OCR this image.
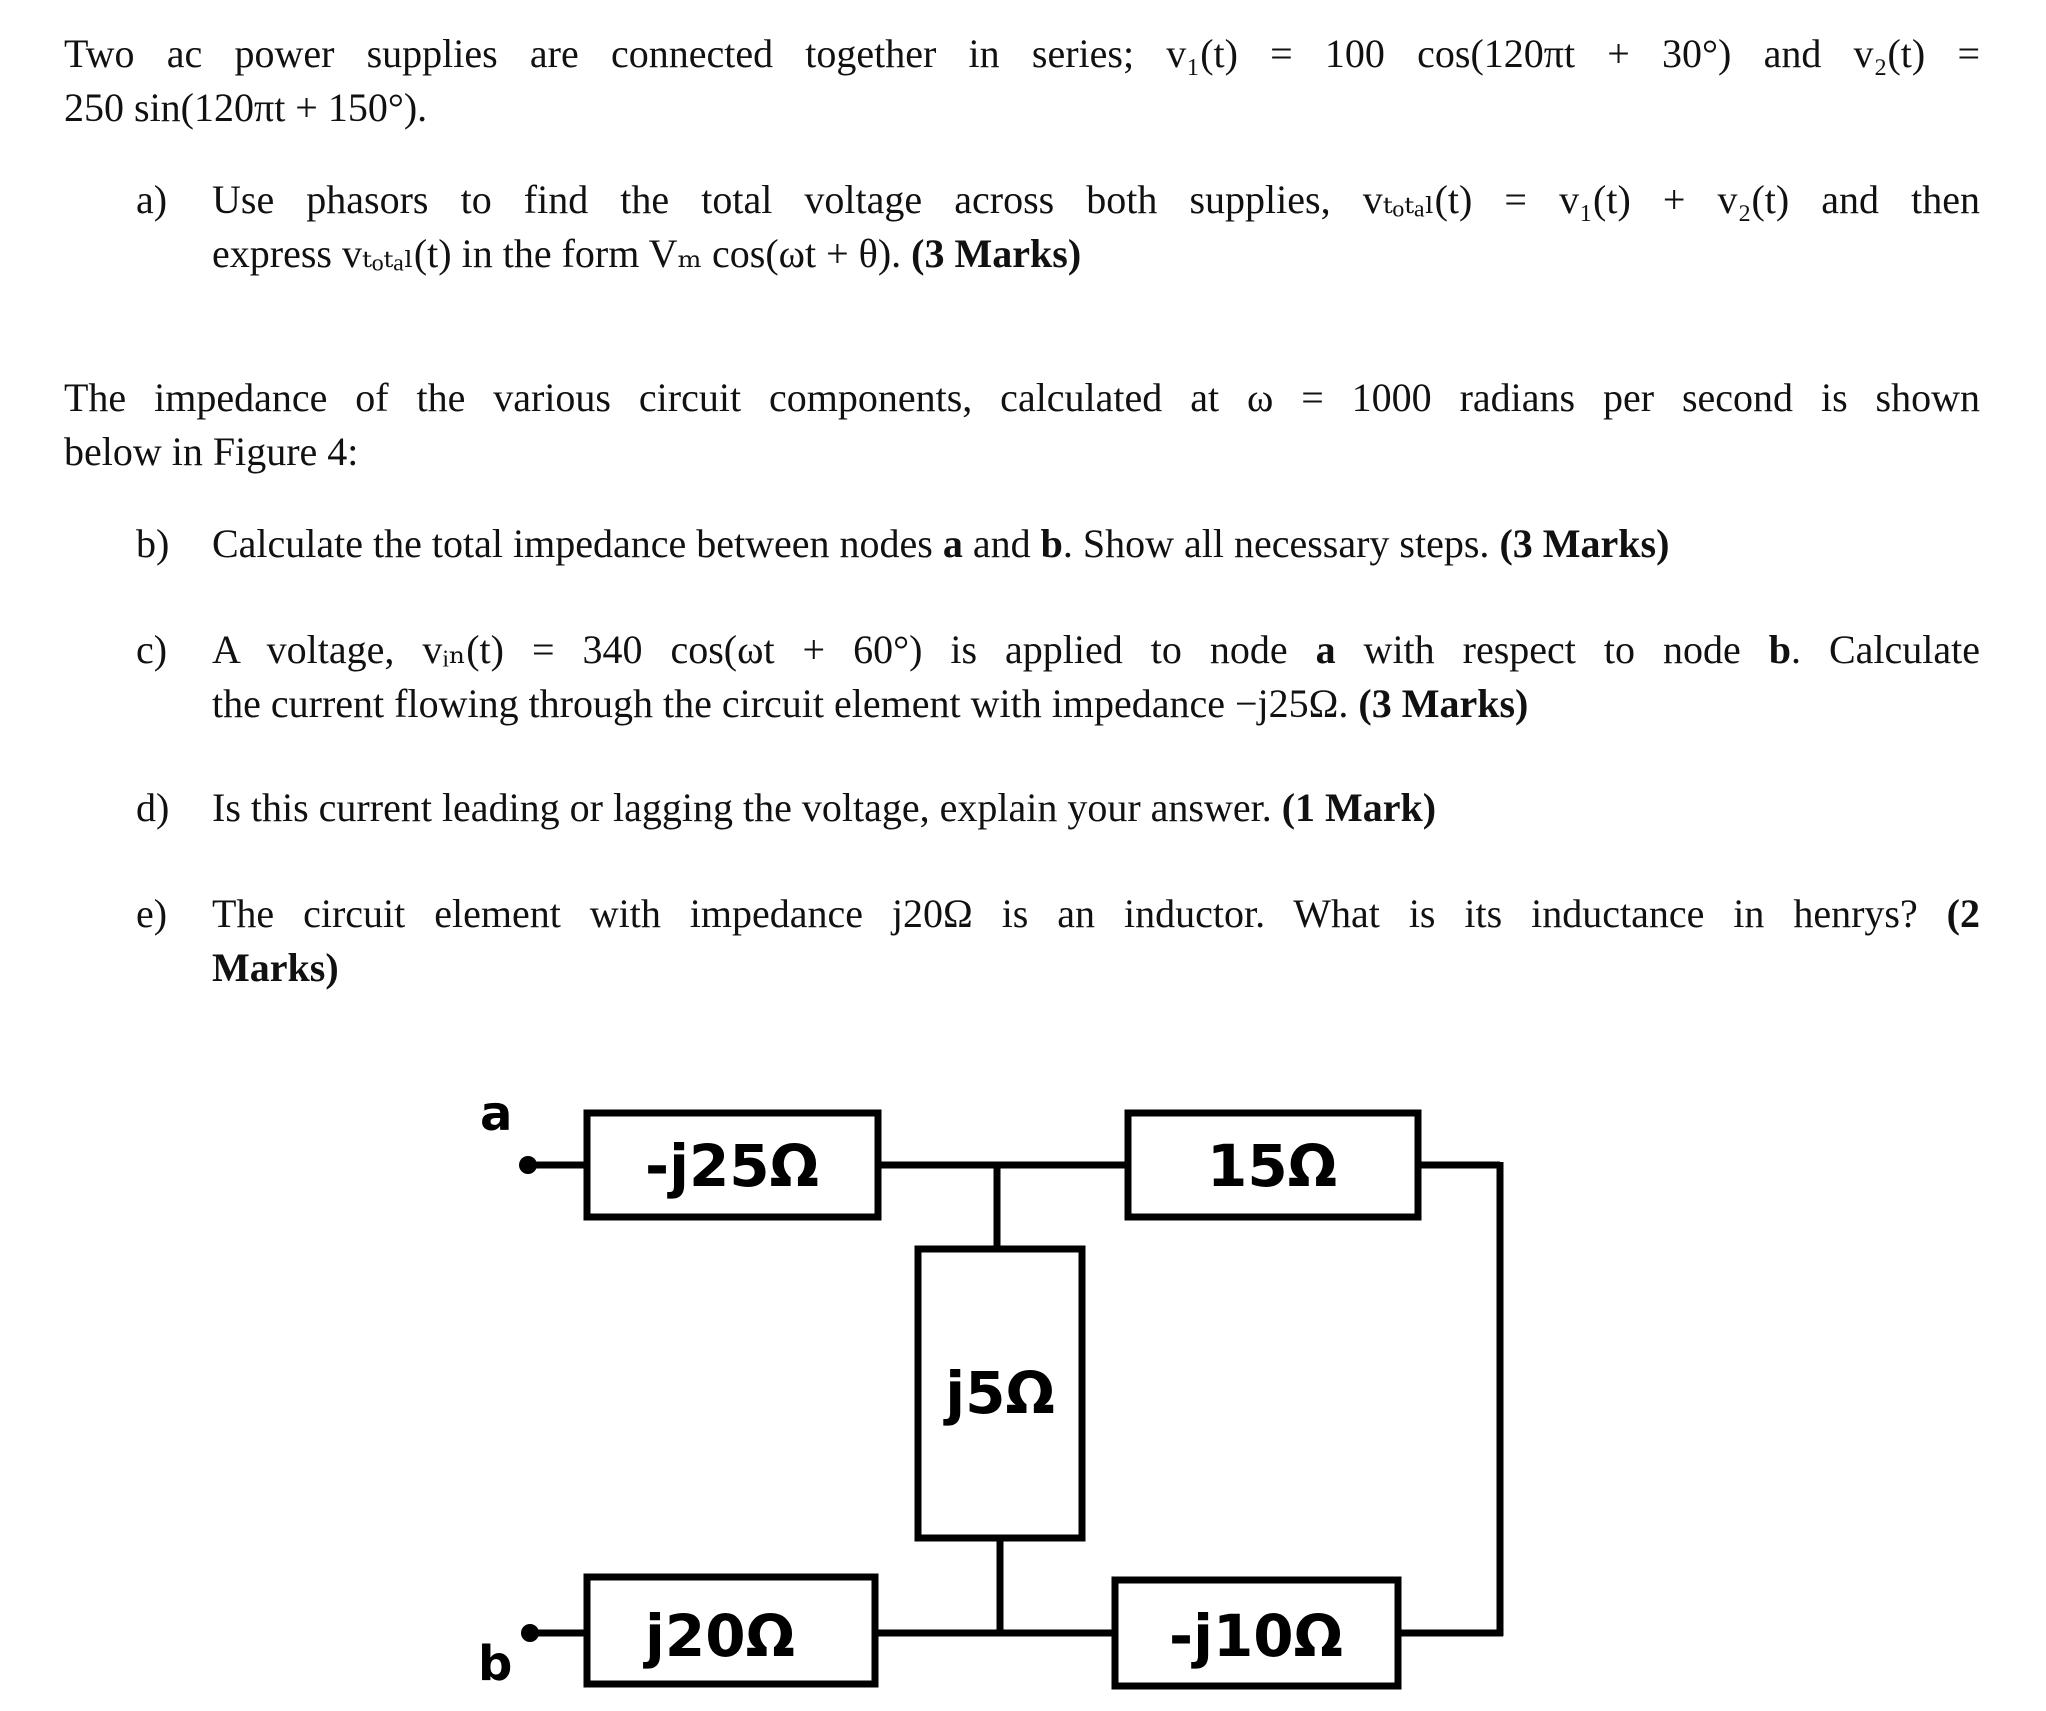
Two ac power supplies are connected together in series; v₁(t) = 100 cos(120πt + 30°) and v₂(t) =
250 sin(120πt + 150°).
a) Use phasors to find the total voltage across both supplies, vₜₒₜₐₗ(t) = v₁(t) + v₂(t) and then
express vₜₒₜₐₗ(t) in the form Vₘ cos(ωt + θ). (3 Marks)
The impedance of the various circuit components, calculated at ω = 1000 radians per second is shown
below in Figure 4:
b) Calculate the total impedance between nodes a and b. Show all necessary steps. (3 Marks)
c) A voltage, vᵢₙ(t) = 340 cos(ωt + 60°) is applied to node a with respect to node b. Calculate
the current flowing through the circuit element with impedance −j25Ω. (3 Marks)
d) Is this current leading or lagging the voltage, explain your answer. (1 Mark)
e) The circuit element with impedance j20Ω is an inductor. What is its inductance in henrys? (2
Marks)
a
b
-j25Ω	15Ω
j5Ω
j20Ω	-j10Ω
